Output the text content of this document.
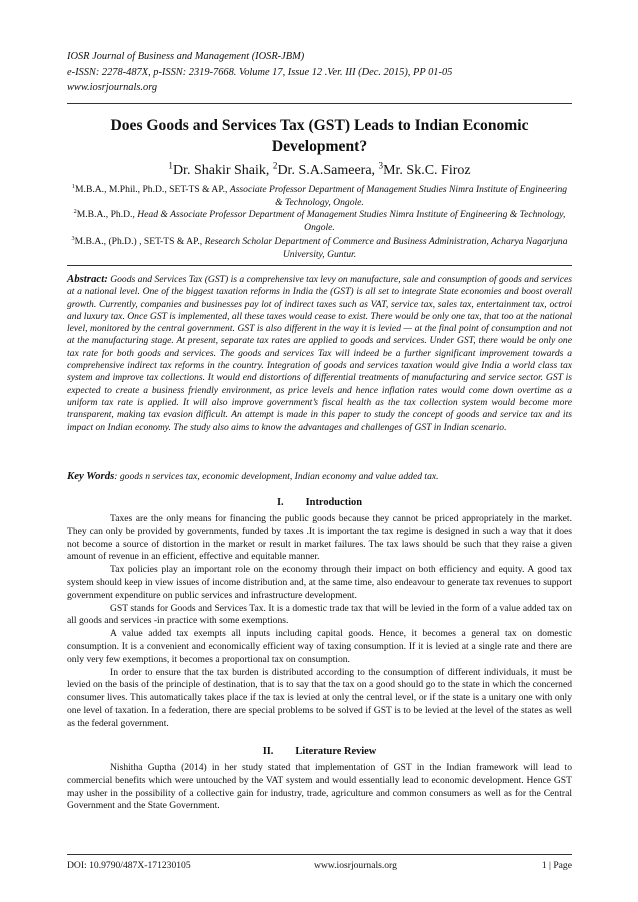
IOSR Journal of Business and Management (IOSR-JBM)
e-ISSN: 2278-487X, p-ISSN: 2319-7668. Volume 17, Issue 12 .Ver. III (Dec. 2015), PP 01-05
www.iosrjournals.org
Does Goods and Services Tax (GST) Leads to Indian Economic Development?
$^1$Dr. Shakir Shaik, $^2$Dr. S.A.Sameera, $^3$Mr. Sk.C. Firoz
$^1$M.B.A., M.Phil., Ph.D., SET-TS & AP., Associate Professor Department of Management Studies Nimra Institute of Engineering & Technology, Ongole.
$^2$M.B.A., Ph.D., Head & Associate Professor Department of Management Studies Nimra Institute of Engineering & Technology, Ongole.
$^3$M.B.A., (Ph.D.) , SET-TS & AP., Research Scholar Department of Commerce and Business Administration, Acharya Nagarjuna University, Guntur.
Abstract: Goods and Services Tax (GST) is a comprehensive tax levy on manufacture, sale and consumption of goods and services at a national level. One of the biggest taxation reforms in India the (GST) is all set to integrate State economies and boost overall growth. Currently, companies and businesses pay lot of indirect taxes such as VAT, service tax, sales tax, entertainment tax, octroi and luxury tax. Once GST is implemented, all these taxes would cease to exist. There would be only one tax, that too at the national level, monitored by the central government. GST is also different in the way it is levied — at the final point of consumption and not at the manufacturing stage. At present, separate tax rates are applied to goods and services. Under GST, there would be only one tax rate for both goods and services. The goods and services Tax will indeed be a further significant improvement towards a comprehensive indirect tax reforms in the country. Integration of goods and services taxation would give India a world class tax system and improve tax collections. It would end distortions of differential treatments of manufacturing and service sector. GST is expected to create a business friendly environment, as price levels and hence inflation rates would come down overtime as a uniform tax rate is applied. It will also improve government’s fiscal health as the tax collection system would become more transparent, making tax evasion difficult. An attempt is made in this paper to study the concept of goods and service tax and its impact on Indian economy. The study also aims to know the advantages and challenges of GST in Indian scenario.
Key Words: goods n services tax, economic development, Indian economy and value added tax.
I. Introduction

Taxes are the only means for financing the public goods because they cannot be priced appropriately in the market. They can only be provided by governments, funded by taxes .It is important the tax regime is designed in such a way that it does not become a source of distortion in the market or result in market failures. The tax laws should be such that they raise a given amount of revenue in an efficient, effective and equitable manner.

Tax policies play an important role on the economy through their impact on both efficiency and equity. A good tax system should keep in view issues of income distribution and, at the same time, also endeavour to generate tax revenues to support government expenditure on public services and infrastructure development.

GST stands for Goods and Services Tax. It is a domestic trade tax that will be levied in the form of a value added tax on all goods and services -in practice with some exemptions.

A value added tax exempts all inputs including capital goods. Hence, it becomes a general tax on domestic consumption. It is a convenient and economically efficient way of taxing consumption. If it is levied at a single rate and there are only very few exemptions, it becomes a proportional tax on consumption.

In order to ensure that the tax burden is distributed according to the consumption of different individuals, it must be levied on the basis of the principle of destination, that is to say that the tax on a good should go to the state in which the concerned consumer lives. This automatically takes place if the tax is levied at only the central level, or if the state is a unitary one with only one level of taxation. In a federation, there are special problems to be solved if GST is to be levied at the level of the states as well as the federal government.

II. Literature Review

Nishitha Guptha (2014) in her study stated that implementation of GST in the Indian framework will lead to commercial benefits which were untouched by the VAT system and would essentially lead to economic development. Hence GST may usher in the possibility of a collective gain for industry, trade, agriculture and common consumers as well as for the Central Government and the State Government.

DOI: 10.9790/487X-171230105	www.iosrjournals.org	1 | Page
